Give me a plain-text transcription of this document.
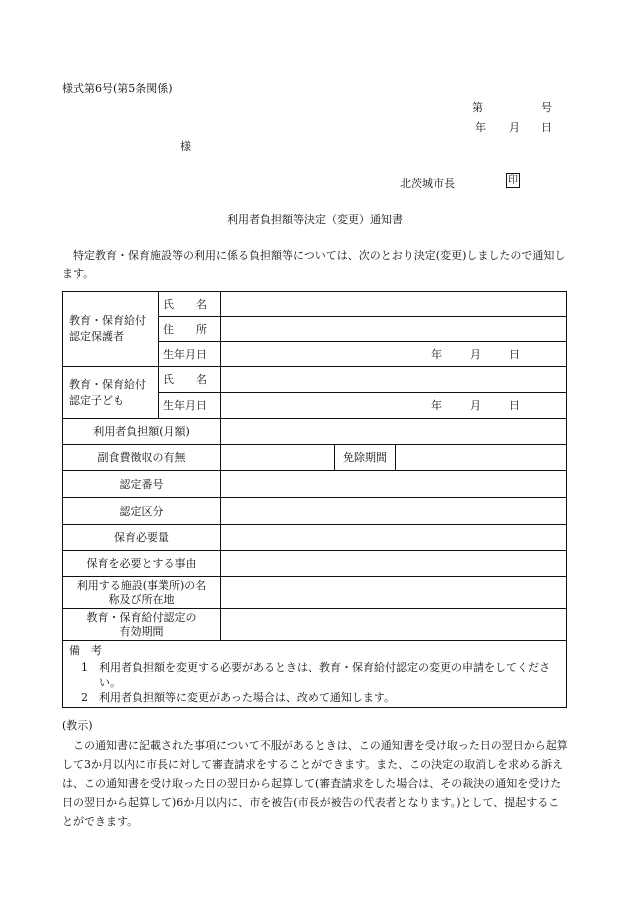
様式第6号(第5条関係)
第	号
年 月 日
様
北茨城市長	印
利用者負担額等決定（変更）通知書
特定教育・保育施設等の利用に係る負担額等については、次のとおり決定(変更)しましたので通知します。
教育・保育給付認定保護者	氏　　名			
	住　　所			
	生年月日	年 月 日		
教育・保育給付認定子ども	氏　　名			
	生年月日	年 月 日		
利用者負担額(月額)				
副食費徴収の有無			免除期間	
認定番号				
認定区分				
保育必要量				
保育を必要とする事由				
利用する施設(事業所)の名称及び所在地				
教育・保育給付認定の有効期間				

備　考
1　利用者負担額を変更する必要があるときは、教育・保育給付認定の変更の申請をしてください。
2　利用者負担額等に変更があった場合は、改めて通知します。				
(教示)
この通知書に記載された事項について不服があるときは、この通知書を受け取った日の翌日から起算して3か月以内に市長に対して審査請求をすることができます。また、この決定の取消しを求める訴えは、この通知書を受け取った日の翌日から起算して(審査請求をした場合は、その裁決の通知を受けた日の翌日から起算して)6か月以内に、市を被告(市長が被告の代表者となります。)として、提起することができます。
